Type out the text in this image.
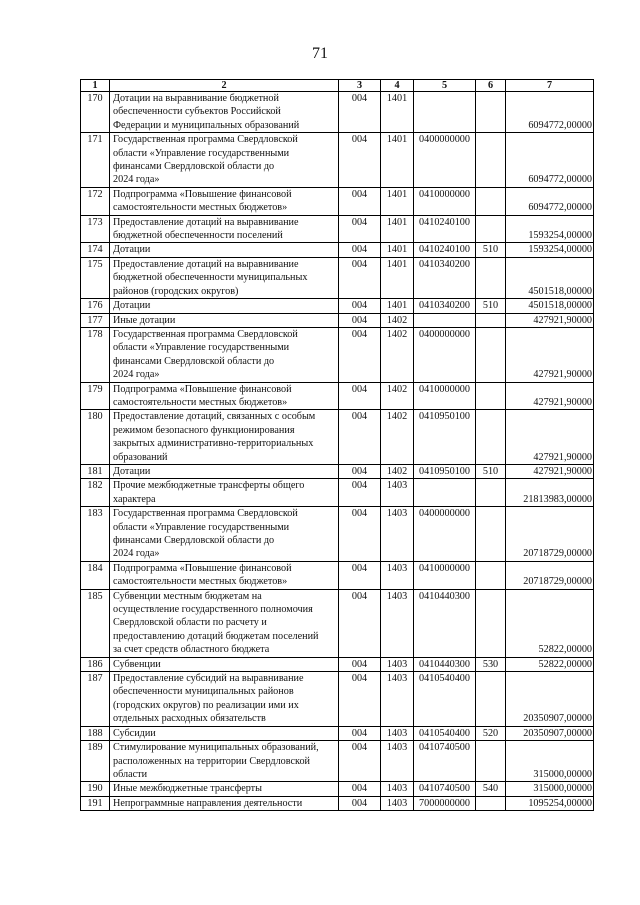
71
1	2	3	4	5	6	7
170	Дотации на выравнивание бюджетной
обеспеченности субъектов Российской
Федерации и муниципальных образований	004	1401			6094772,00000
171	Государственная программа Свердловской
области «Управление государственными
финансами Свердловской области до
2024 года»	004	1401	0400000000		6094772,00000
172	Подпрограмма «Повышение финансовой
самостоятельности местных бюджетов»	004	1401	0410000000		6094772,00000
173	Предоставление дотаций на выравнивание
бюджетной обеспеченности поселений	004	1401	0410240100		1593254,00000
174	Дотации	004	1401	0410240100	510	1593254,00000
175	Предоставление дотаций на выравнивание
бюджетной обеспеченности муниципальных
районов (городских округов)	004	1401	0410340200		4501518,00000
176	Дотации	004	1401	0410340200	510	4501518,00000
177	Иные дотации	004	1402			427921,90000
178	Государственная программа Свердловской
области «Управление государственными
финансами Свердловской области до
2024 года»	004	1402	0400000000		427921,90000
179	Подпрограмма «Повышение финансовой
самостоятельности местных бюджетов»	004	1402	0410000000		427921,90000
180	Предоставление дотаций, связанных с особым
режимом безопасного функционирования
закрытых административно-территориальных
образований	004	1402	0410950100		427921,90000
181	Дотации	004	1402	0410950100	510	427921,90000
182	Прочие межбюджетные трансферты общего
характера	004	1403			21813983,00000
183	Государственная программа Свердловской
области «Управление государственными
финансами Свердловской области до
2024 года»	004	1403	0400000000		20718729,00000
184	Подпрограмма «Повышение финансовой
самостоятельности местных бюджетов»	004	1403	0410000000		20718729,00000
185	Субвенции местным бюджетам на
осуществление государственного полномочия
Свердловской области по расчету и
предоставлению дотаций бюджетам поселений
за счет средств областного бюджета	004	1403	0410440300		52822,00000
186	Субвенции	004	1403	0410440300	530	52822,00000
187	Предоставление субсидий на выравнивание
обеспеченности муниципальных районов
(городских округов) по реализации ими их
отдельных расходных обязательств	004	1403	0410540400		20350907,00000
188	Субсидии	004	1403	0410540400	520	20350907,00000
189	Стимулирование муниципальных образований,
расположенных на территории Свердловской
области	004	1403	0410740500		315000,00000
190	Иные межбюджетные трансферты	004	1403	0410740500	540	315000,00000
191	Непрограммные направления деятельности	004	1403	7000000000		1095254,00000
